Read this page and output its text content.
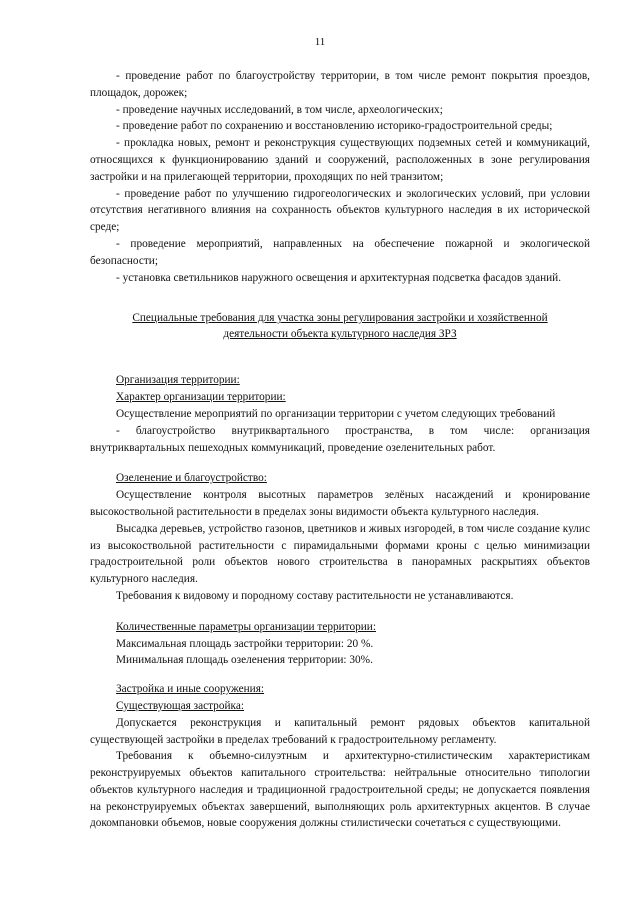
11

- проведение работ по благоустройству территории, в том числе ремонт покрытия проездов, площадок, дорожек;

- проведение научных исследований, в том числе, археологических;

- проведение работ по сохранению и восстановлению историко-градостроительной среды;

- прокладка новых, ремонт и реконструкция существующих подземных сетей и коммуникаций, относящихся к функционированию зданий и сооружений, расположенных в зоне регулирования застройки и на прилегающей территории, проходящих по ней транзитом;

- проведение работ по улучшению гидрогеологических и экологических условий, при условии отсутствия негативного влияния на сохранность объектов культурного наследия в их исторической среде;

- проведение мероприятий, направленных на обеспечение пожарной и экологической безопасности;

- установка светильников наружного освещения и архитектурная подсветка фасадов зданий.

Специальные требования для участка зоны регулирования застройки и хозяйственной
деятельности объекта культурного наследия ЗРЗ

Организация территории:

Характер организации территории:

Осуществление мероприятий по организации территории с учетом следующих требований

- благоустройство внутриквартального пространства, в том числе: организация внутриквартальных пешеходных коммуникаций, проведение озеленительных работ.

Озеленение и благоустройство:

Осуществление контроля высотных параметров зелёных насаждений и кронирование высокоствольной растительности в пределах зоны видимости объекта культурного наследия.

Высадка деревьев, устройство газонов, цветников и живых изгородей, в том числе создание кулис из высокоствольной растительности с пирамидальными формами кроны с целью минимизации градостроительной роли объектов нового строительства в панорамных раскрытиях объектов культурного наследия.

Требования к видовому и породному составу растительности не устанавливаются.

Количественные параметры организации территории:

Максимальная площадь застройки территории: 20 %.

Минимальная площадь озеленения территории: 30%.

Застройка и иные сооружения:

Существующая застройка:

Допускается реконструкция и капитальный ремонт рядовых объектов капитальной существующей застройки в пределах требований к градостроительному регламенту.

Требования к объемно-силуэтным и архитектурно-стилистическим характеристикам реконструируемых объектов капитального строительства: нейтральные относительно типологии объектов культурного наследия и традиционной градостроительной среды; не допускается появления на реконструируемых объектах завершений, выполняющих роль архитектурных акцентов. В случае докомпановки объемов, новые сооружения должны стилистически сочетаться с существующими.
